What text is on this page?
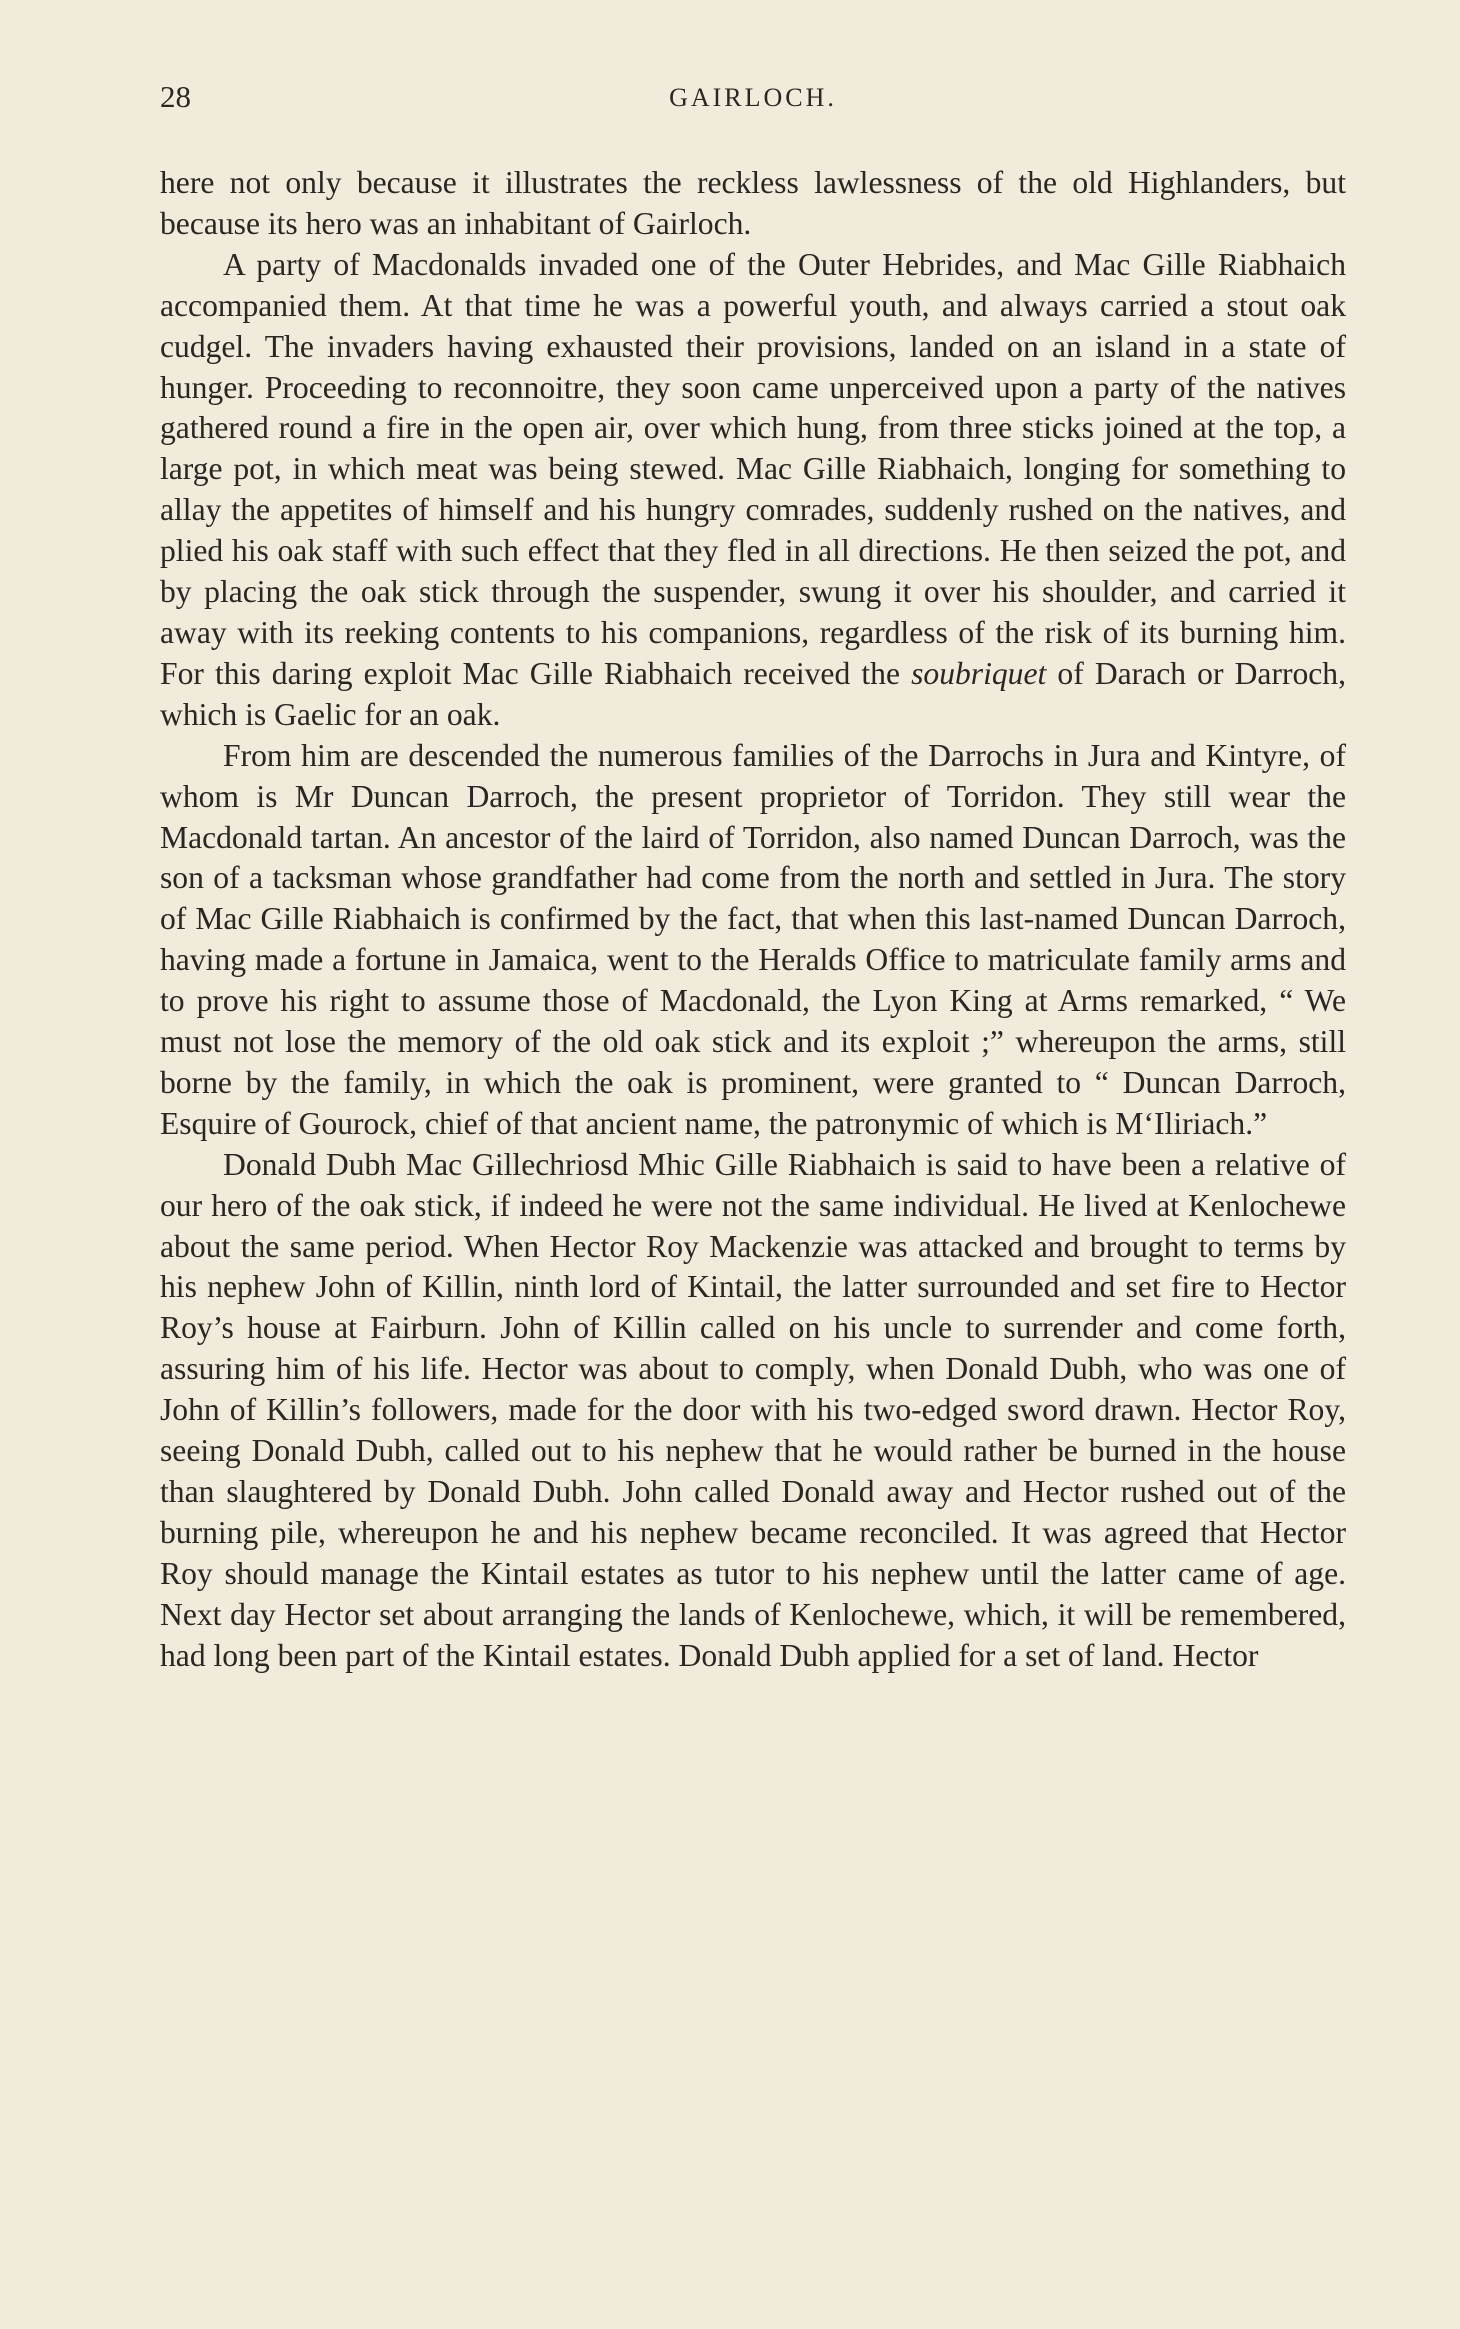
28	GAIRLOCH.

here not only because it illustrates the reckless lawlessness of the old Highlanders, but because its hero was an inhabitant of Gairloch.

A party of Macdonalds invaded one of the Outer Hebrides, and Mac Gille Riabhaich accompanied them. At that time he was a powerful youth, and always carried a stout oak cudgel. The invaders having exhausted their provisions, landed on an island in a state of hunger. Proceeding to reconnoitre, they soon came unperceived upon a party of the natives gathered round a fire in the open air, over which hung, from three sticks joined at the top, a large pot, in which meat was being stewed. Mac Gille Riabhaich, longing for something to allay the appetites of himself and his hungry comrades, suddenly rushed on the natives, and plied his oak staff with such effect that they fled in all directions. He then seized the pot, and by placing the oak stick through the suspender, swung it over his shoulder, and carried it away with its reeking contents to his companions, regardless of the risk of its burning him. For this daring exploit Mac Gille Riabhaich received the soubriquet of Darach or Darroch, which is Gaelic for an oak.

From him are descended the numerous families of the Darrochs in Jura and Kintyre, of whom is Mr Duncan Darroch, the present proprietor of Torridon. They still wear the Macdonald tartan. An ancestor of the laird of Torridon, also named Duncan Darroch, was the son of a tacksman whose grandfather had come from the north and settled in Jura. The story of Mac Gille Riabhaich is confirmed by the fact, that when this last-named Duncan Darroch, having made a fortune in Jamaica, went to the Heralds Office to matriculate family arms and to prove his right to assume those of Macdonald, the Lyon King at Arms remarked, “ We must not lose the memory of the old oak stick and its exploit ;” whereupon the arms, still borne by the family, in which the oak is prominent, were granted to “ Duncan Darroch, Esquire of Gourock, chief of that ancient name, the patronymic of which is M‘Iliriach.”

Donald Dubh Mac Gillechriosd Mhic Gille Riabhaich is said to have been a relative of our hero of the oak stick, if indeed he were not the same individual. He lived at Kenlochewe about the same period. When Hector Roy Mackenzie was attacked and brought to terms by his nephew John of Killin, ninth lord of Kintail, the latter surrounded and set fire to Hector Roy’s house at Fairburn. John of Killin called on his uncle to surrender and come forth, assuring him of his life. Hector was about to comply, when Donald Dubh, who was one of John of Killin’s followers, made for the door with his two-edged sword drawn. Hector Roy, seeing Donald Dubh, called out to his nephew that he would rather be burned in the house than slaughtered by Donald Dubh. John called Donald away and Hector rushed out of the burning pile, whereupon he and his nephew became reconciled. It was agreed that Hector Roy should manage the Kintail estates as tutor to his nephew until the latter came of age. Next day Hector set about arranging the lands of Kenlochewe, which, it will be remembered, had long been part of the Kintail estates. Donald Dubh applied for a set of land. Hector
